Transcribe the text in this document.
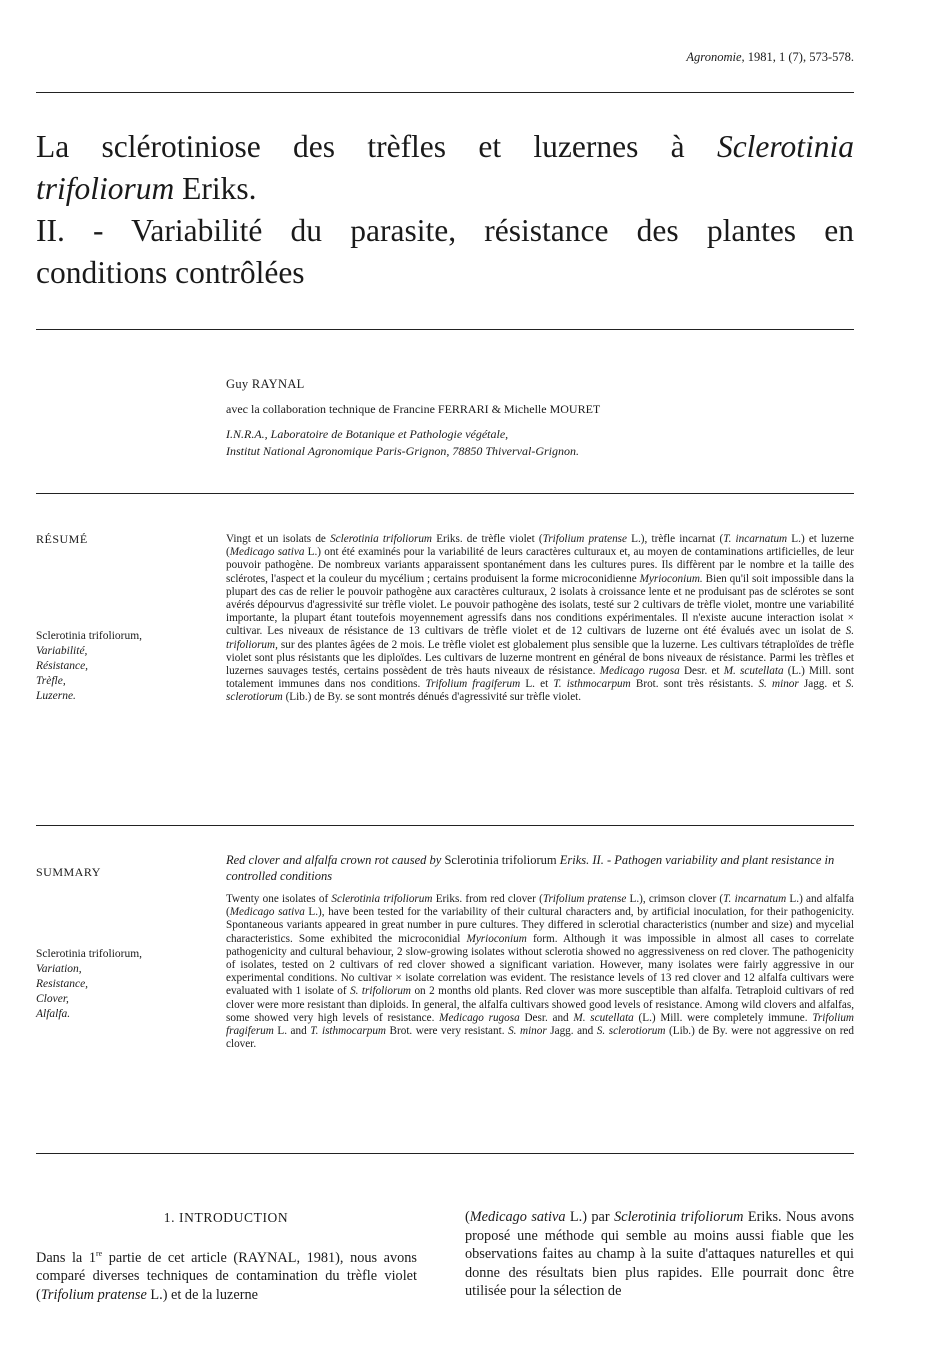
Agronomie, 1981, 1 (7), 573-578.
La sclérotiniose des trèfles et luzernes à Sclerotinia
trifoliorum Eriks.
II. - Variabilité du parasite, résistance des plantes en
conditions contrôlées
Guy RAYNAL
avec la collaboration technique de Francine FERRARI & Michelle MOURET
I.N.R.A., Laboratoire de Botanique et Pathologie végétale,
Institut National Agronomique Paris-Grignon, 78850 Thiverval-Grignon.
RÉSUMÉ
Sclerotinia trifoliorum,
Variabilité,
Résistance,
Trèfle,
Luzerne.
Vingt et un isolats de Sclerotinia trifoliorum Eriks. de trèfle violet (Trifolium pratense L.), trèfle incarnat (T. incarnatum L.) et luzerne (Medicago sativa L.) ont été examinés pour la variabilité de leurs caractères culturaux et, au moyen de contaminations artificielles, de leur pouvoir pathogène. De nombreux variants apparaissent spontanément dans les cultures pures. Ils diffèrent par le nombre et la taille des sclérotes, l'aspect et la couleur du mycélium ; certains produisent la forme microconidienne Myrioconium. Bien qu'il soit impossible dans la plupart des cas de relier le pouvoir pathogène aux caractères culturaux, 2 isolats à croissance lente et ne produisant pas de sclérotes se sont avérés dépourvus d'agressivité sur trèfle violet. Le pouvoir pathogène des isolats, testé sur 2 cultivars de trèfle violet, montre une variabilité importante, la plupart étant toutefois moyennement agressifs dans nos conditions expérimentales. Il n'existe aucune interaction isolat × cultivar. Les niveaux de résistance de 13 cultivars de trèfle violet et de 12 cultivars de luzerne ont été évalués avec un isolat de S. trifoliorum, sur des plantes âgées de 2 mois. Le trèfle violet est globalement plus sensible que la luzerne. Les cultivars tétraploïdes de trèfle violet sont plus résistants que les diploïdes. Les cultivars de luzerne montrent en général de bons niveaux de résistance. Parmi les trèfles et luzernes sauvages testés, certains possèdent de très hauts niveaux de résistance. Medicago rugosa Desr. et M. scutellata (L.) Mill. sont totalement immunes dans nos conditions. Trifolium fragiferum L. et T. isthmocarpum Brot. sont très résistants. S. minor Jagg. et S. sclerotiorum (Lib.) de By. se sont montrés dénués d'agressivité sur trèfle violet.
SUMMARY
Sclerotinia trifoliorum,
Variation,
Resistance,
Clover,
Alfalfa.
Red clover and alfalfa crown rot caused by Sclerotinia trifoliorum Eriks. II. - Pathogen variability and plant resistance in controlled conditions
Twenty one isolates of Sclerotinia trifoliorum Eriks. from red clover (Trifolium pratense L.), crimson clover (T. incarnatum L.) and alfalfa (Medicago sativa L.), have been tested for the variability of their cultural characters and, by artificial inoculation, for their pathogenicity. Spontaneous variants appeared in great number in pure cultures. They differed in sclerotial characteristics (number and size) and mycelial characteristics. Some exhibited the microconidial Myrioconium form. Although it was impossible in almost all cases to correlate pathogenicity and cultural behaviour, 2 slow-growing isolates without sclerotia showed no aggressiveness on red clover. The pathogenicity of isolates, tested on 2 cultivars of red clover showed a significant variation. However, many isolates were fairly aggressive in our experimental conditions. No cultivar × isolate correlation was evident. The resistance levels of 13 red clover and 12 alfalfa cultivars were evaluated with 1 isolate of S. trifoliorum on 2 months old plants. Red clover was more susceptible than alfalfa. Tetraploid cultivars of red clover were more resistant than diploids. In general, the alfalfa cultivars showed good levels of resistance. Among wild clovers and alfalfas, some showed very high levels of resistance. Medicago rugosa Desr. and M. scutellata (L.) Mill. were completely immune. Trifolium fragiferum L. and T. isthmocarpum Brot. were very resistant. S. minor Jagg. and S. sclerotiorum (Lib.) de By. were not aggressive on red clover.
1. INTRODUCTION
Dans la 1re partie de cet article (RAYNAL, 1981), nous avons comparé diverses techniques de contamination du trèfle violet (Trifolium pratense L.) et de la luzerne
(Medicago sativa L.) par Sclerotinia trifoliorum Eriks. Nous avons proposé une méthode qui semble au moins aussi fiable que les observations faites au champ à la suite d'attaques naturelles et qui donne des résultats bien plus rapides. Elle pourrait donc être utilisée pour la sélection de
